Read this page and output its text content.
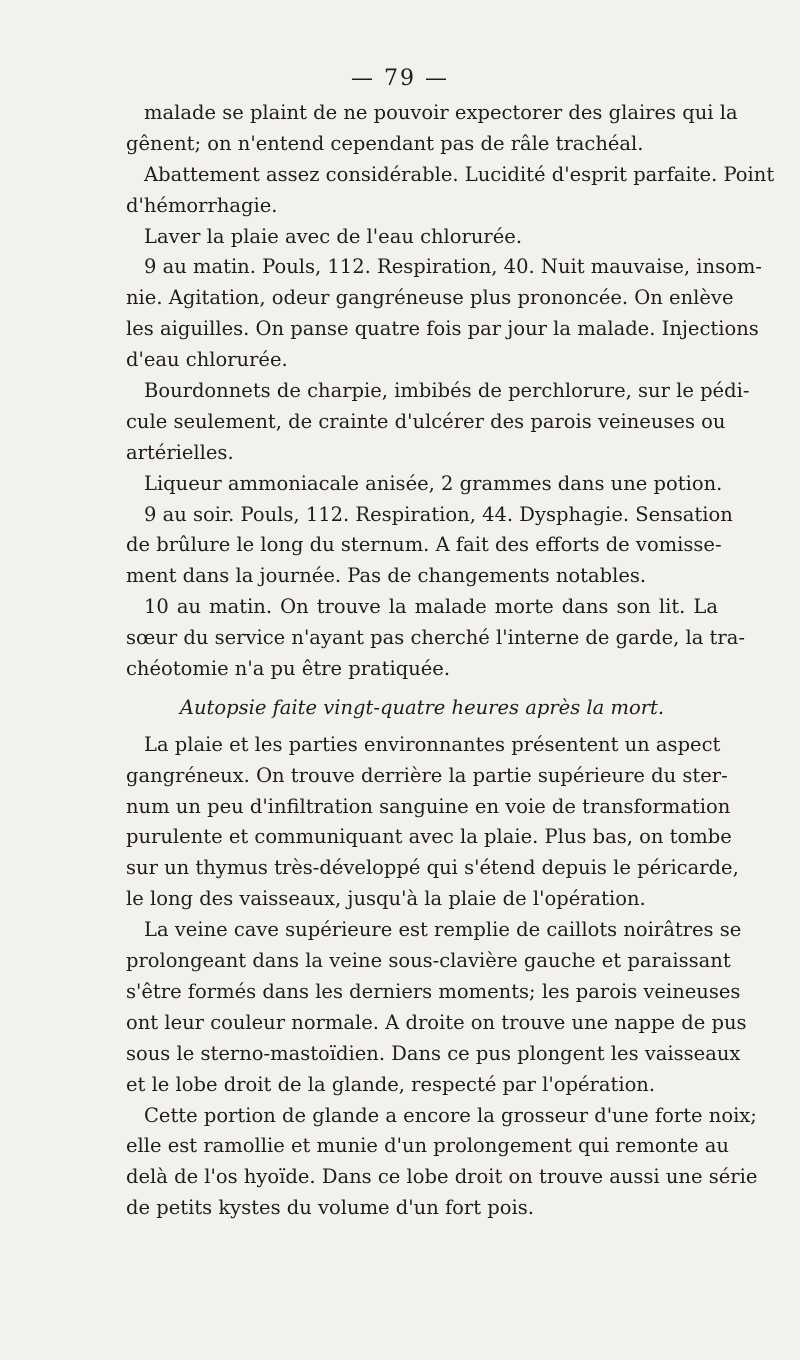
— 79 —
malade se plaint de ne pouvoir expectorer des glaires qui la
gênent; on n'entend cependant pas de râle trachéal.
Abattement assez considérable. Lucidité d'esprit parfaite. Point
d'hémorrhagie.
Laver la plaie avec de l'eau chlorurée.
9 au matin. Pouls, 112. Respiration, 40. Nuit mauvaise, insom-
nie. Agitation, odeur gangréneuse plus prononcée. On enlève
les aiguilles. On panse quatre fois par jour la malade. Injections
d'eau chlorurée.
Bourdonnets de charpie, imbibés de perchlorure, sur le pédi-
cule seulement, de crainte d'ulcérer des parois veineuses ou
artérielles.
Liqueur ammoniacale anisée, 2 grammes dans une potion.
9 au soir. Pouls, 112. Respiration, 44. Dysphagie. Sensation
de brûlure le long du sternum. A fait des efforts de vomisse-
ment dans la journée. Pas de changements notables.
10 au matin. On trouve la malade morte dans son lit. La
sœur du service n'ayant pas cherché l'interne de garde, la tra-
chéotomie n'a pu être pratiquée.
Autopsie faite vingt-quatre heures après la mort.
La plaie et les parties environnantes présentent un aspect
gangréneux. On trouve derrière la partie supérieure du ster-
num un peu d'infiltration sanguine en voie de transformation
purulente et communiquant avec la plaie. Plus bas, on tombe
sur un thymus très-développé qui s'étend depuis le péricarde,
le long des vaisseaux, jusqu'à la plaie de l'opération.
La veine cave supérieure est remplie de caillots noirâtres se
prolongeant dans la veine sous-clavière gauche et paraissant
s'être formés dans les derniers moments; les parois veineuses
ont leur couleur normale. A droite on trouve une nappe de pus
sous le sterno-mastoïdien. Dans ce pus plongent les vaisseaux
et le lobe droit de la glande, respecté par l'opération.
Cette portion de glande a encore la grosseur d'une forte noix;
elle est ramollie et munie d'un prolongement qui remonte au
delà de l'os hyoïde. Dans ce lobe droit on trouve aussi une série
de petits kystes du volume d'un fort pois.
